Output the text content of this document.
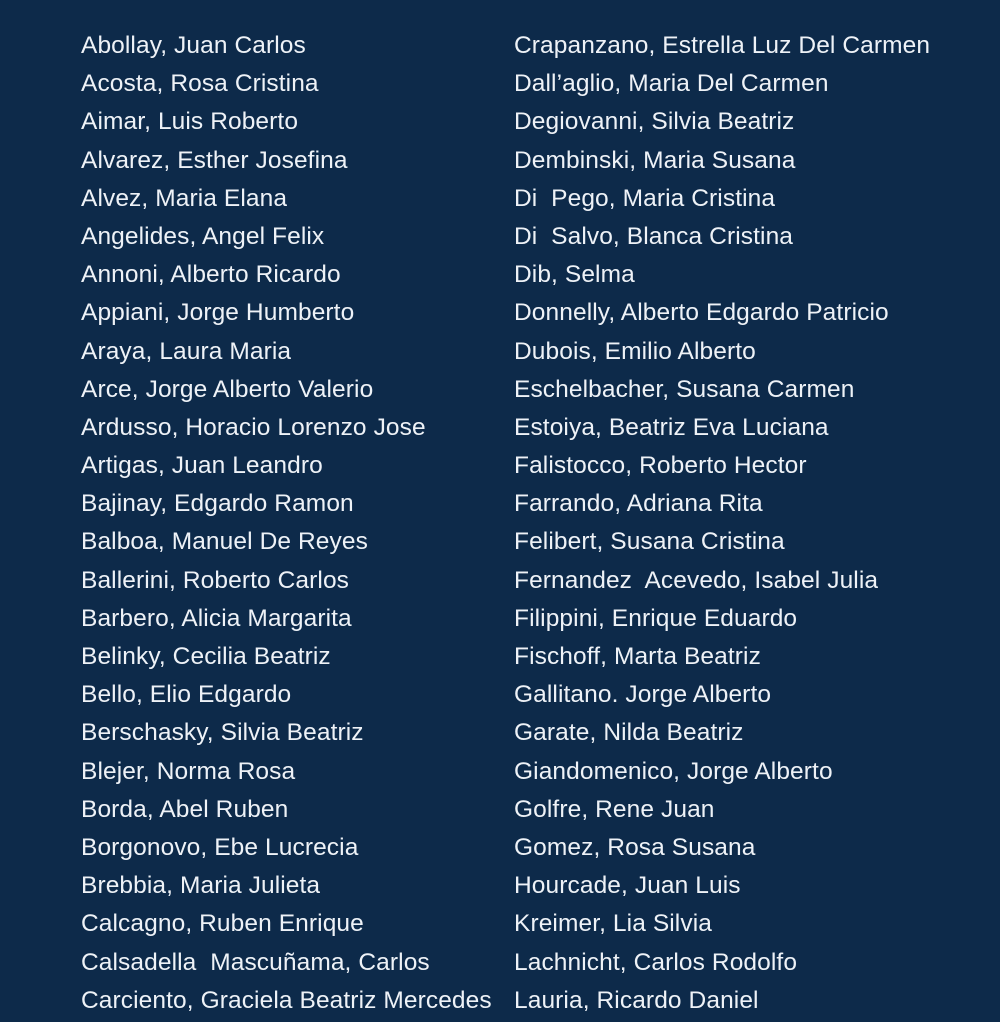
Abollay, Juan Carlos
Acosta, Rosa Cristina
Aimar, Luis Roberto
Alvarez, Esther Josefina
Alvez, Maria Elana
Angelides, Angel Felix
Annoni, Alberto Ricardo
Appiani, Jorge Humberto
Araya, Laura Maria
Arce, Jorge Alberto Valerio
Ardusso, Horacio Lorenzo Jose
Artigas, Juan Leandro
Bajinay, Edgardo Ramon
Balboa, Manuel De Reyes
Ballerini, Roberto Carlos
Barbero, Alicia Margarita
Belinky, Cecilia Beatriz
Bello, Elio Edgardo
Berschasky, Silvia Beatriz
Blejer, Norma Rosa
Borda, Abel Ruben
Borgonovo, Ebe Lucrecia
Brebbia, Maria Julieta
Calcagno, Ruben Enrique
Calsadella  Mascuñama, Carlos
Carciento, Graciela Beatriz Mercedes
Crapanzano, Estrella Luz Del Carmen
Dall’aglio, Maria Del Carmen
Degiovanni, Silvia Beatriz
Dembinski, Maria Susana
Di  Pego, Maria Cristina
Di  Salvo, Blanca Cristina
Dib, Selma
Donnelly, Alberto Edgardo Patricio
Dubois, Emilio Alberto
Eschelbacher, Susana Carmen
Estoiya, Beatriz Eva Luciana
Falistocco, Roberto Hector
Farrando, Adriana Rita
Felibert, Susana Cristina
Fernandez  Acevedo, Isabel Julia
Filippini, Enrique Eduardo
Fischoff, Marta Beatriz
Gallitano. Jorge Alberto
Garate, Nilda Beatriz
Giandomenico, Jorge Alberto
Golfre, Rene Juan
Gomez, Rosa Susana
Hourcade, Juan Luis
Kreimer, Lia Silvia
Lachnicht, Carlos Rodolfo
Lauria, Ricardo Daniel
